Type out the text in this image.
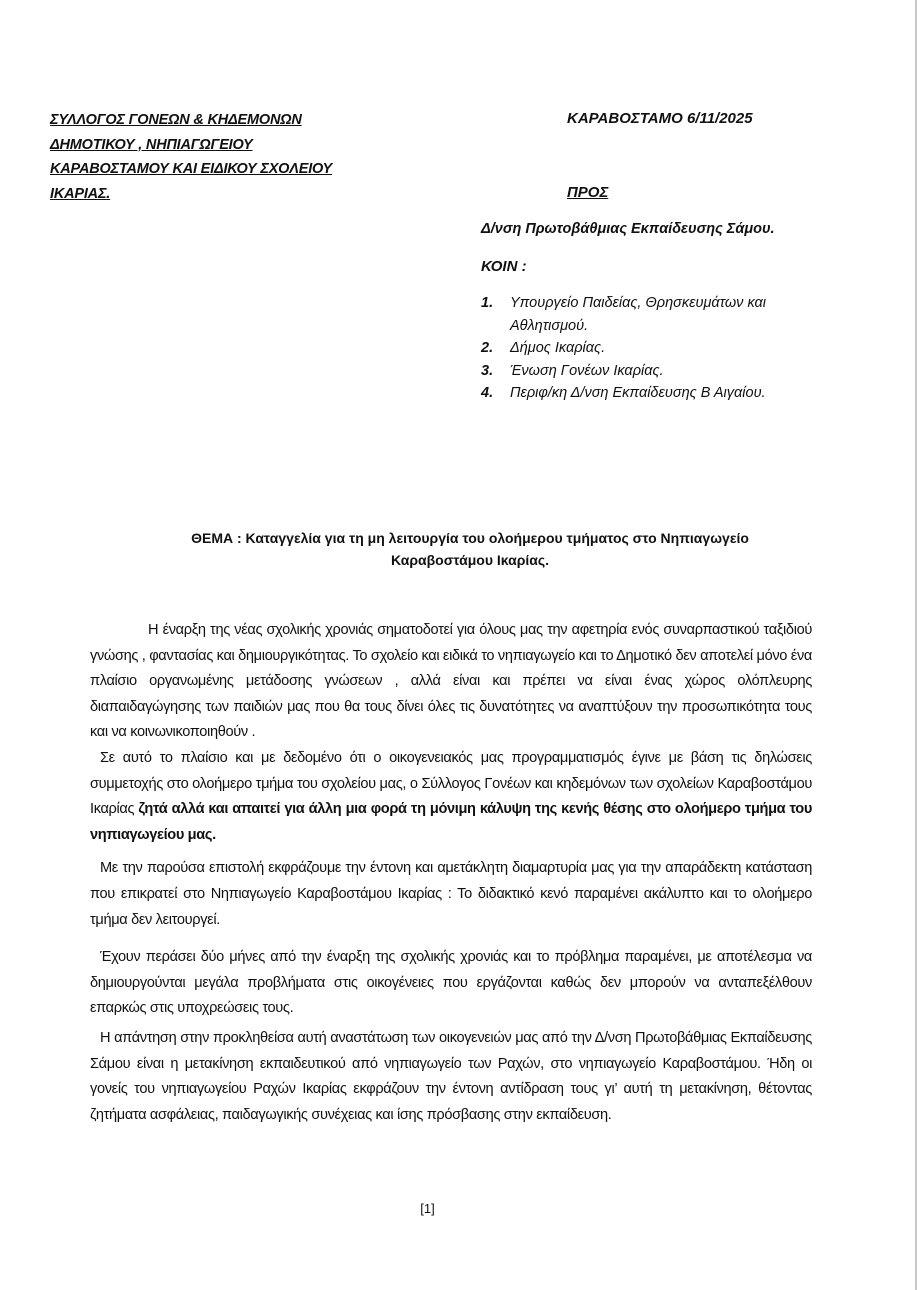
ΣΥΛΛΟΓΟΣ ΓΟΝΕΩΝ & ΚΗΔΕΜΟΝΩΝ
ΔΗΜΟΤΙΚΟΥ , ΝΗΠΙΑΓΩΓΕΙΟΥ
ΚΑΡΑΒΟΣΤΑΜΟΥ ΚΑΙ ΕΙΔΙΚΟΥ ΣΧΟΛΕΙΟΥ
ΙΚΑΡΙΑΣ.
ΚΑΡΑΒΟΣΤΑΜΟ 6/11/2025
ΠΡΟΣ
Δ/νση Πρωτοβάθμιας Εκπαίδευσης Σάμου.
ΚΟΙΝ :
1.	Υπουργείο Παιδείας, Θρησκευμάτων και Αθλητισμού.
2.	Δήμος Ικαρίας.
3.	Ένωση Γονέων Ικαρίας.
4.	Περιφ/κη Δ/νση Εκπαίδευσης Β Αιγαίου.
ΘΕΜΑ : Καταγγελία για τη μη λειτουργία του ολοήμερου τμήματος στο Νηπιαγωγείο
Καραβοστάμου Ικαρίας.

Η έναρξη της νέας σχολικής χρονιάς σηματοδοτεί για όλους μας την αφετηρία ενός συναρπαστικού ταξιδιού γνώσης , φαντασίας και δημιουργικότητας. Το σχολείο και ειδικά το νηπιαγωγείο και το Δημοτικό δεν αποτελεί μόνο ένα πλαίσιο οργανωμένης μετάδοσης γνώσεων , αλλά είναι και πρέπει να είναι ένας χώρος ολόπλευρης διαπαιδαγώγησης των παιδιών μας που θα τους δίνει όλες τις δυνατότητες να αναπτύξουν την προσωπικότητα τους και να κοινωνικοποιηθούν .

Σε αυτό το πλαίσιο και με δεδομένο ότι ο οικογενειακός μας προγραμματισμός έγινε με βάση τις δηλώσεις συμμετοχής στο ολοήμερο τμήμα του σχολείου μας, ο Σύλλογος Γονέων και κηδεμόνων των σχολείων Καραβοστάμου Ικαρίας ζητά αλλά και απαιτεί για άλλη μια φορά τη μόνιμη κάλυψη της κενής θέσης στο ολοήμερο τμήμα του νηπιαγωγείου μας.

Με την παρούσα επιστολή εκφράζουμε την έντονη και αμετάκλητη διαμαρτυρία μας για την απαράδεκτη κατάσταση που επικρατεί στο Νηπιαγωγείο Καραβοστάμου Ικαρίας : Το διδακτικό κενό παραμένει ακάλυπτο και το ολοήμερο τμήμα δεν λειτουργεί.

Έχουν περάσει δύο μήνες από την έναρξη της σχολικής χρονιάς και το πρόβλημα παραμένει, με αποτέλεσμα να δημιουργούνται μεγάλα προβλήματα στις οικογένειες που εργάζονται καθώς δεν μπορούν να ανταπεξέλθουν επαρκώς στις υποχρεώσεις τους.

Η απάντηση στην προκληθείσα αυτή αναστάτωση των οικογενειών μας από την Δ/νση Πρωτοβάθμιας Εκπαίδευσης Σάμου είναι η μετακίνηση εκπαιδευτικού από νηπιαγωγείο των Ραχών, στο νηπιαγωγείο Καραβοστάμου. Ήδη οι γονείς του νηπιαγωγείου Ραχών Ικαρίας εκφράζουν την έντονη αντίδραση τους γι’ αυτή τη μετακίνηση, θέτοντας ζητήματα ασφάλειας, παιδαγωγικής συνέχειας και ίσης πρόσβασης στην εκπαίδευση.

[1]
